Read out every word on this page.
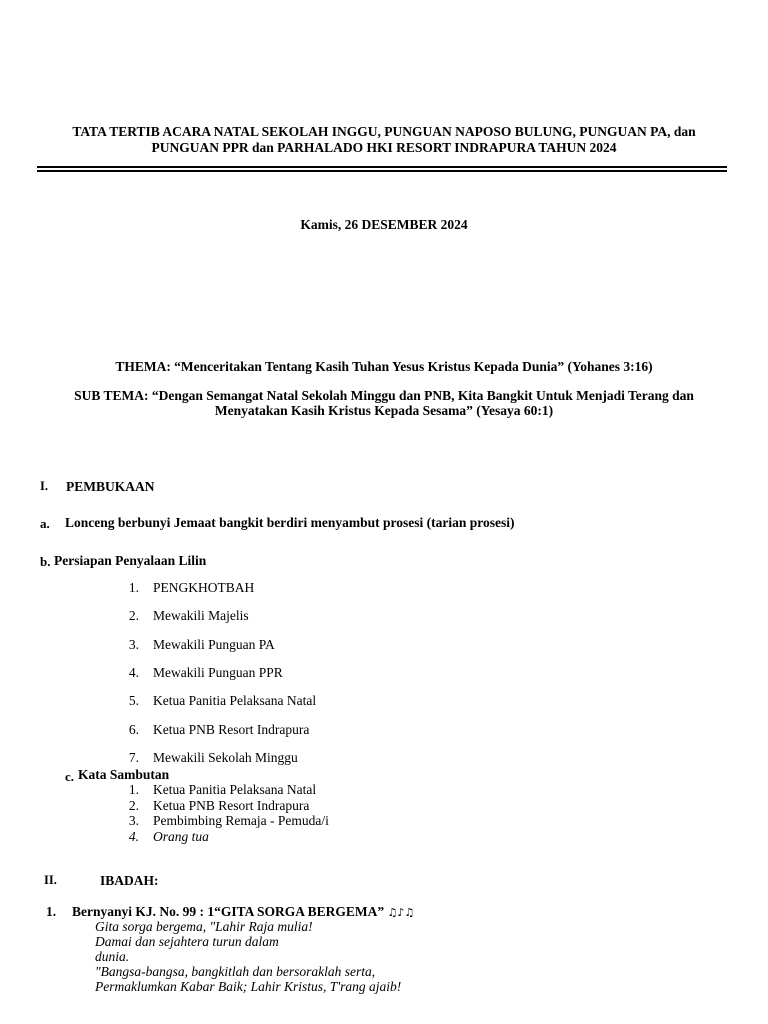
TATA TERTIB ACARA NATAL SEKOLAH INGGU, PUNGUAN NAPOSO BULUNG, PUNGUAN PA, dan
PUNGUAN PPR dan PARHALADO HKI RESORT INDRAPURA TAHUN 2024
Kamis, 26 DESEMBER 2024
THEMA: “Menceritakan Tentang Kasih Tuhan Yesus Kristus Kepada Dunia” (Yohanes 3:16)
SUB TEMA: “Dengan Semangat Natal Sekolah Minggu dan PNB, Kita Bangkit Untuk Menjadi Terang dan
Menyatakan Kasih Kristus Kepada Sesama” (Yesaya 60:1)
I. PEMBUKAAN
a. Lonceng berbunyi Jemaat bangkit berdiri menyambut prosesi (tarian prosesi)
b. Persiapan Penyalaan Lilin
1. PENGKHOTBAH
2. Mewakili Majelis
3. Mewakili Punguan PA
4. Mewakili Punguan PPR
5. Ketua Panitia Pelaksana Natal
6. Ketua PNB Resort Indrapura
7. Mewakili Sekolah Minggu
c. Kata Sambutan
1. Ketua Panitia Pelaksana Natal
2. Ketua PNB Resort Indrapura
3. Pembimbing Remaja - Pemuda/i
4. Orang tua
II.	IBADAH:
1. Bernyanyi KJ. No. 99 : 1“GITA SORGA BERGEMA” ♫♪♫
Gita sorga bergema, "Lahir Raja mulia!
Damai dan sejahtera turun dalam
dunia.
"Bangsa-bangsa, bangkitlah dan bersoraklah serta,
Permaklumkan Kabar Baik; Lahir Kristus, T'rang ajaib!
